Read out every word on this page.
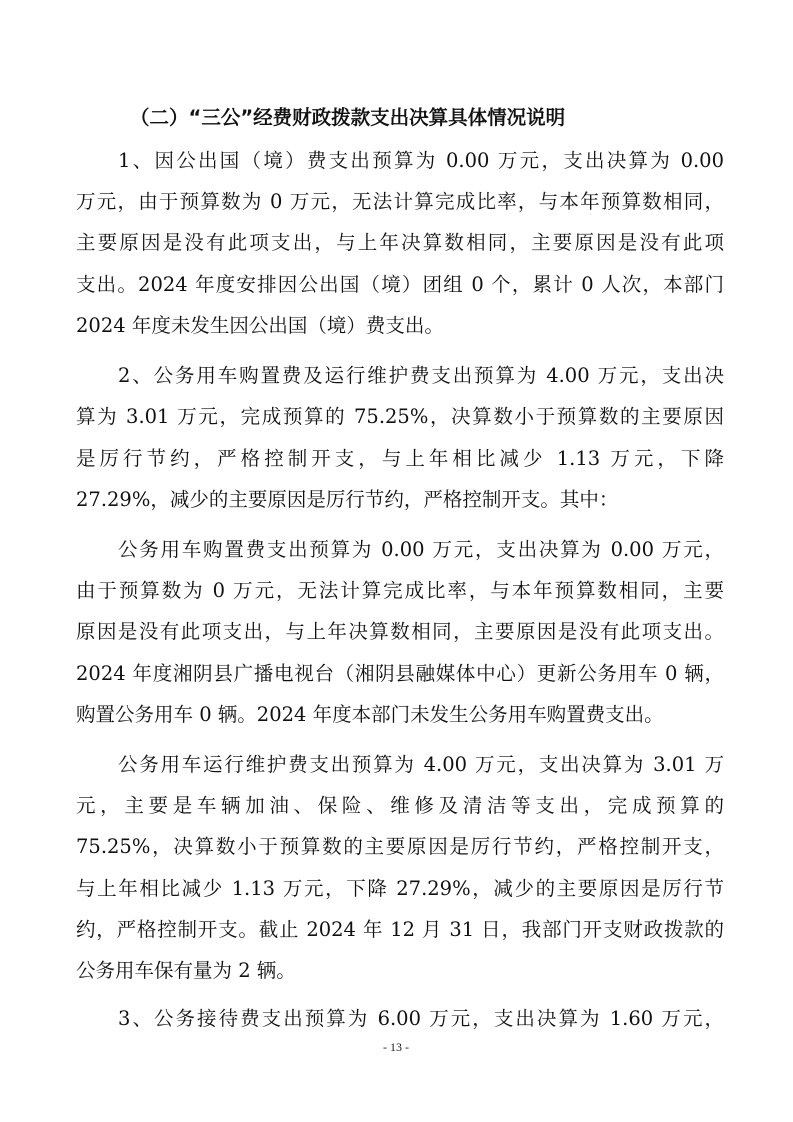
（二）“三公”经费财政拨款支出决算具体情况说明
1、因公出国（境）费支出预算为 0.00 万元，支出决算为 0.00
万元，由于预算数为 0 万元，无法计算完成比率，与本年预算数相同，
主要原因是没有此项支出，与上年决算数相同，主要原因是没有此项
支出。2024 年度安排因公出国（境）团组 0 个，累计 0 人次，本部门
2024 年度未发生因公出国（境）费支出。
2、公务用车购置费及运行维护费支出预算为 4.00 万元，支出决
算为 3.01 万元，完成预算的 75.25%，决算数小于预算数的主要原因
是厉行节约，严格控制开支，与上年相比减少 1.13 万元，下降
27.29%，减少的主要原因是厉行节约，严格控制开支。其中：
公务用车购置费支出预算为 0.00 万元，支出决算为 0.00 万元，
由于预算数为 0 万元，无法计算完成比率，与本年预算数相同，主要
原因是没有此项支出，与上年决算数相同，主要原因是没有此项支出。
2024 年度湘阴县广播电视台（湘阴县融媒体中心）更新公务用车 0 辆，
购置公务用车 0 辆。2024 年度本部门未发生公务用车购置费支出。
公务用车运行维护费支出预算为 4.00 万元，支出决算为 3.01 万
元，主要是车辆加油、保险、维修及清洁等支出，完成预算的
75.25%，决算数小于预算数的主要原因是厉行节约，严格控制开支，
与上年相比减少 1.13 万元，下降 27.29%，减少的主要原因是厉行节
约，严格控制开支。截止 2024 年 12 月 31 日，我部门开支财政拨款的
公务用车保有量为 2 辆。
3、公务接待费支出预算为 6.00 万元，支出决算为 1.60 万元，
- 13 -
